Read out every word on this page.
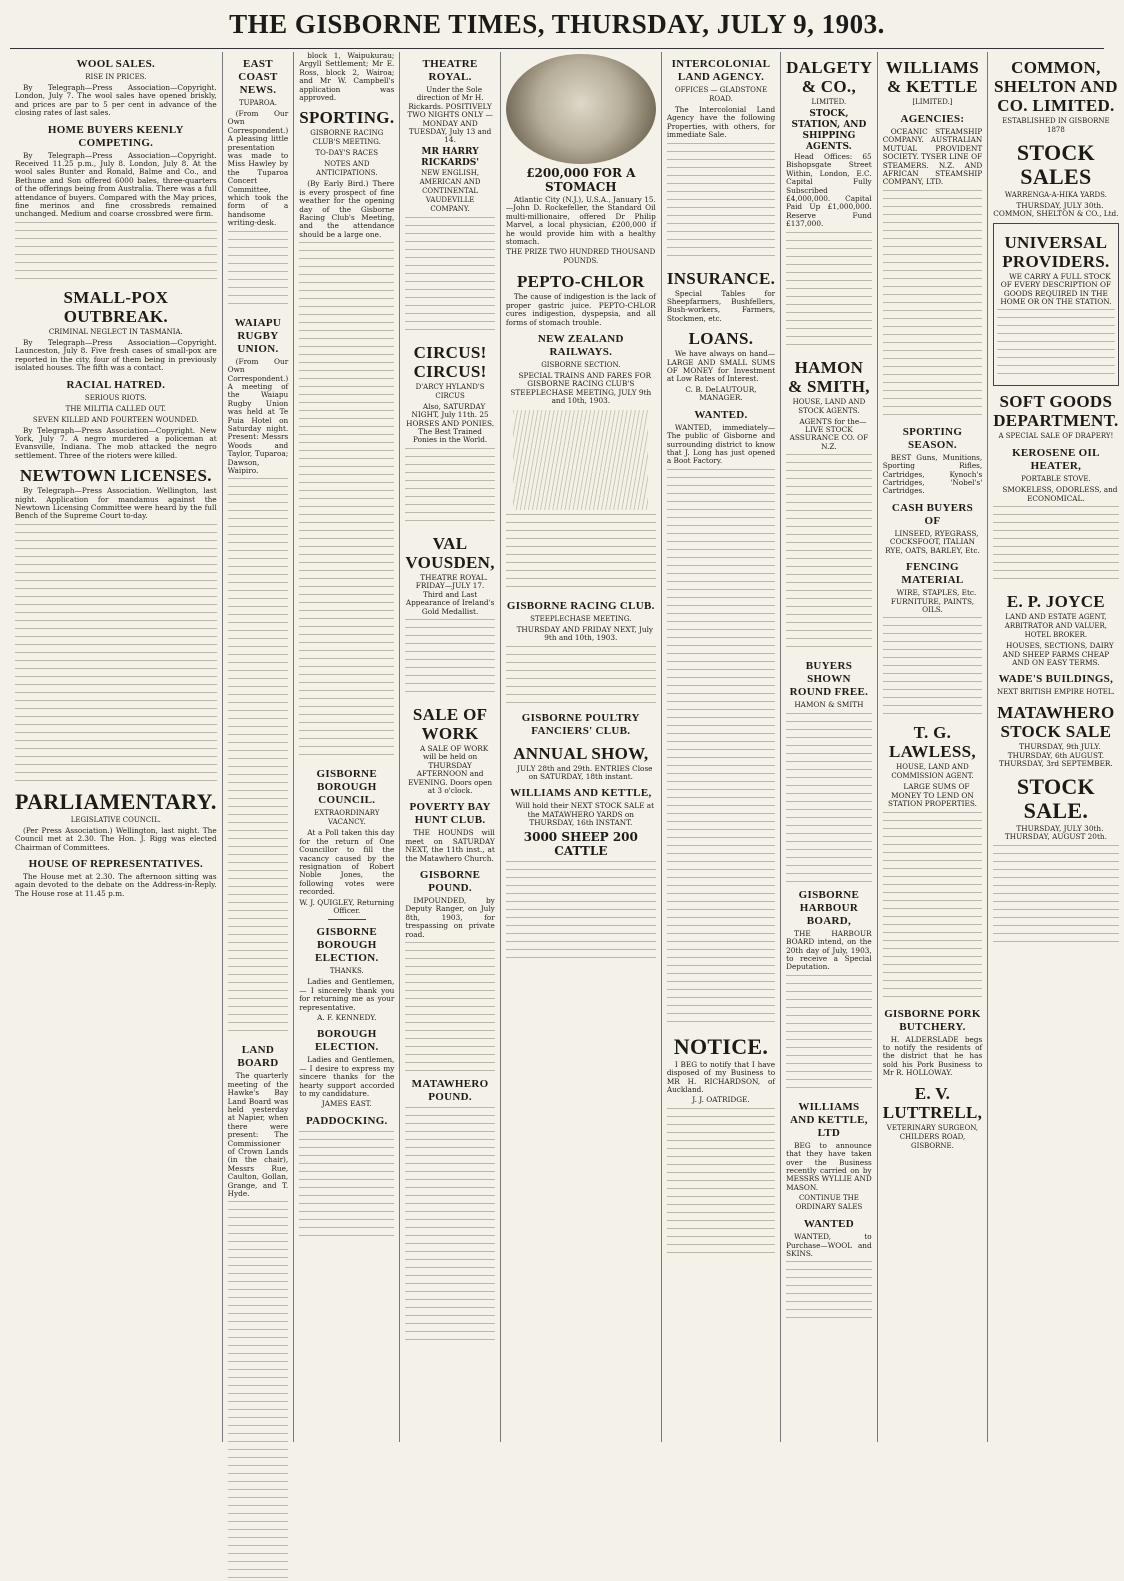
THE GISBORNE TIMES, THURSDAY, JULY 9, 1903.
WOOL SALES.
RISE IN PRICES.

By Telegraph—Press Association—Copyright. London, July 7. The wool sales have opened briskly, and prices are par to 5 per cent in advance of the closing rates of last sales.

HOME BUYERS KEENLY COMPETING.

By Telegraph—Press Association—Copyright. Received 11.25 p.m., July 8. London, July 8. At the wool sales Bunter and Ronald, Balme and Co., and Bethune and Son offered 6000 bales, three-quarters of the offerings being from Australia. There was a full attendance of buyers. Compared with the May prices, fine merinos and fine crossbreds remained unchanged. Medium and coarse crossbred were firm.

SMALL-POX OUTBREAK.
CRIMINAL NEGLECT IN TASMANIA.

By Telegraph—Press Association—Copyright. Launceston, July 8. Five fresh cases of small-pox are reported in the city, four of them being in previously isolated houses. The fifth was a contact.

RACIAL HATRED.
SERIOUS RIOTS.
THE MILITIA CALLED OUT.
SEVEN KILLED AND FOURTEEN WOUNDED.

By Telegraph—Press Association—Copyright. New York, July 7. A negro murdered a policeman at Evansville, Indiana. The mob attacked the negro settlement. Three of the rioters were killed.

NEWTOWN LICENSES.

By Telegraph—Press Association. Wellington, last night. Application for mandamus against the Newtown Licensing Committee were heard by the full Bench of the Supreme Court to-day.

PARLIAMENTARY.
LEGISLATIVE COUNCIL.

(Per Press Association.) Wellington, last night. The Council met at 2.30. The Hon. J. Rigg was elected Chairman of Committees.

HOUSE OF REPRESENTATIVES.

The House met at 2.30. The afternoon sitting was again devoted to the debate on the Address-in-Reply. The House rose at 11.45 p.m.

EAST COAST NEWS.
TUPAROA.

(From Our Own Correspondent.) A pleasing little presentation was made to Miss Hawley by the Tuparoa Concert Committee, which took the form of a handsome writing-desk.

WAIAPU RUGBY UNION.

(From Our Own Correspondent.) A meeting of the Waiapu Rugby Union was held at Te Puia Hotel on Saturday night. Present: Messrs Woods and Taylor, Tuparoa; Dawson, Waipiro.

LAND BOARD

The quarterly meeting of the Hawke's Bay Land Board was held yesterday at Napier, when there were present: The Commissioner of Crown Lands (in the chair), Messrs Rue, Caulton, Gollan, Grange, and T. Hyde.

block 1, Waipukurau; Argyll Settlement; Mr E. Ross, block 2, Wairoa; and Mr W. Campbell's application was approved.

SPORTING.
GISBORNE RACING CLUB'S MEETING.
TO-DAY'S RACES
NOTES AND ANTICIPATIONS.

(By Early Bird.) There is every prospect of fine weather for the opening day of the Gisborne Racing Club's Meeting, and the attendance should be a large one.

GISBORNE BOROUGH COUNCIL.
EXTRAORDINARY VACANCY.

At a Poll taken this day for the return of One Councillor to fill the vacancy caused by the resignation of Robert Noble Jones, the following votes were recorded.

W. J. QUIGLEY, Returning Officer.
GISBORNE BOROUGH ELECTION.
THANKS.

Ladies and Gentlemen,— I sincerely thank you for returning me as your representative.

A. F. KENNEDY.
BOROUGH ELECTION.

Ladies and Gentlemen,— I desire to express my sincere thanks for the hearty support accorded to my candidature.

JAMES EAST.
PADDOCKING.
THEATRE ROYAL.

Under the Sole direction of Mr H. Rickards. POSITIVELY TWO NIGHTS ONLY — MONDAY AND TUESDAY, July 13 and 14.

MR HARRY RICKARDS'
NEW ENGLISH, AMERICAN AND CONTINENTAL VAUDEVILLE COMPANY.
CIRCUS! CIRCUS!
D'ARCY HYLAND'S CIRCUS

Also, SATURDAY NIGHT, July 11th. 25 HORSES AND PONIES. The Best Trained Ponies in the World.

VAL VOUSDEN,

THEATRE ROYAL. FRIDAY—JULY 17. Third and Last Appearance of Ireland's Gold Medallist.

SALE OF WORK

A SALE OF WORK will be held on THURSDAY AFTERNOON and EVENING. Doors open at 3 o'clock.

POVERTY BAY HUNT CLUB.

THE HOUNDS will meet on SATURDAY NEXT, the 11th inst., at the Matawhero Church.

GISBORNE POUND.

IMPOUNDED, by Deputy Ranger, on July 8th, 1903, for trespassing on private road.

MATAWHERO POUND.
£200,000 FOR A STOMACH

Atlantic City (N.J.), U.S.A., January 15.—John D. Rockefeller, the Standard Oil multi-millionaire, offered Dr Philip Marvel, a local physician, £200,000 if he would provide him with a healthy stomach.

THE PRIZE TWO HUNDRED THOUSAND POUNDS.
PEPTO-CHLOR

The cause of indigestion is the lack of proper gastric juice. PEPTO-CHLOR cures indigestion, dyspepsia, and all forms of stomach trouble.

NEW ZEALAND RAILWAYS.
GISBORNE SECTION.

SPECIAL TRAINS AND FARES FOR GISBORNE RACING CLUB'S STEEPLECHASE MEETING, JULY 9th and 10th, 1903.

GISBORNE RACING CLUB.
STEEPLECHASE MEETING.

THURSDAY AND FRIDAY NEXT, July 9th and 10th, 1903.

GISBORNE POULTRY FANCIERS' CLUB.
ANNUAL SHOW,

JULY 28th and 29th. ENTRIES Close on SATURDAY, 18th instant.

WILLIAMS AND KETTLE,

Will hold their NEXT STOCK SALE at the MATAWHERO YARDS on THURSDAY, 16th INSTANT.

3000 SHEEP 200 CATTLE
INTERCOLONIAL LAND AGENCY.
OFFICES — GLADSTONE ROAD.

The Intercolonial Land Agency have the following Properties, with others, for immediate Sale.

INSURANCE.

Special Tables for Sheepfarmers, Bushfellers, Bush-workers, Farmers, Stockmen, etc.

LOANS.

We have always on hand— LARGE AND SMALL SUMS OF MONEY for Investment at Low Rates of Interest.

C. B. DeLAUTOUR, MANAGER.
WANTED.

WANTED, immediately—The public of Gisborne and surrounding district to know that J. Long has just opened a Boot Factory.

NOTICE.

I BEG to notify that I have disposed of my Business to MR H. RICHARDSON, of Auckland.

J. J. OATRIDGE.
DALGETY & CO.,
LIMITED.
STOCK, STATION, AND SHIPPING AGENTS.

Head Offices: 65 Bishopsgate Street Within, London, E.C. Capital Fully Subscribed £4,000,000. Capital Paid Up £1,000,000. Reserve Fund £137,000.

HAMON & SMITH,
HOUSE, LAND AND STOCK AGENTS.

AGENTS for the— LIVE STOCK ASSURANCE CO. OF N.Z.

BUYERS SHOWN ROUND FREE.
HAMON & SMITH
GISBORNE HARBOUR BOARD,

THE HARBOUR BOARD intend, on the 20th day of July, 1903, to receive a Special Deputation.

WILLIAMS AND KETTLE, LTD

BEG to announce that they have taken over the Business recently carried on by MESSRS WYLLIE AND MASON.

CONTINUE THE ORDINARY SALES
WANTED

WANTED, to Purchase—WOOL and SKINS.

WILLIAMS & KETTLE
[LIMITED.]
AGENCIES:

OCEANIC STEAMSHIP COMPANY. AUSTRALIAN MUTUAL PROVIDENT SOCIETY. TYSER LINE OF STEAMERS. N.Z. AND AFRICAN STEAMSHIP COMPANY, LTD.

SPORTING SEASON.

BEST Guns, Munitions, Sporting Rifles, Cartridges, Kynoch's Cartridges, 'Nobel's' Cartridges.

CASH BUYERS OF

LINSEED, RYEGRASS, COCKSFOOT, ITALIAN RYE, OATS, BARLEY, Etc.

FENCING MATERIAL

WIRE, STAPLES, Etc. FURNITURE, PAINTS, OILS.

T. G. LAWLESS,
HOUSE, LAND AND COMMISSION AGENT.

LARGE SUMS OF MONEY TO LEND ON STATION PROPERTIES.

GISBORNE PORK BUTCHERY.

H. ALDERSLADE begs to notify the residents of the district that he has sold his Pork Business to Mr R. HOLLOWAY.

E. V. LUTTRELL,
VETERINARY SURGEON, CHILDERS ROAD, GISBORNE.
COMMON, SHELTON AND CO. LIMITED.
ESTABLISHED IN GISBORNE 1878
STOCK SALES
WARRENGA-A-HIKA YARDS.

THURSDAY, JULY 30th. COMMON, SHELTON & CO., Ltd.

UNIVERSAL PROVIDERS.

WE CARRY A FULL STOCK OF EVERY DESCRIPTION OF GOODS REQUIRED IN THE HOME OR ON THE STATION.

SOFT GOODS DEPARTMENT.
A SPECIAL SALE OF DRAPERY!
KEROSENE OIL HEATER,
PORTABLE STOVE.

SMOKELESS, ODORLESS, and ECONOMICAL.

E. P. JOYCE
LAND AND ESTATE AGENT, ARBITRATOR AND VALUER, HOTEL BROKER.

HOUSES, SECTIONS, DAIRY AND SHEEP FARMS CHEAP AND ON EASY TERMS.

WADE'S BUILDINGS,
NEXT BRITISH EMPIRE HOTEL.
MATAWHERO STOCK SALE

THURSDAY, 9th JULY. THURSDAY, 6th AUGUST. THURSDAY, 3rd SEPTEMBER.

STOCK SALE.

THURSDAY, JULY 30th. THURSDAY, AUGUST 20th.
